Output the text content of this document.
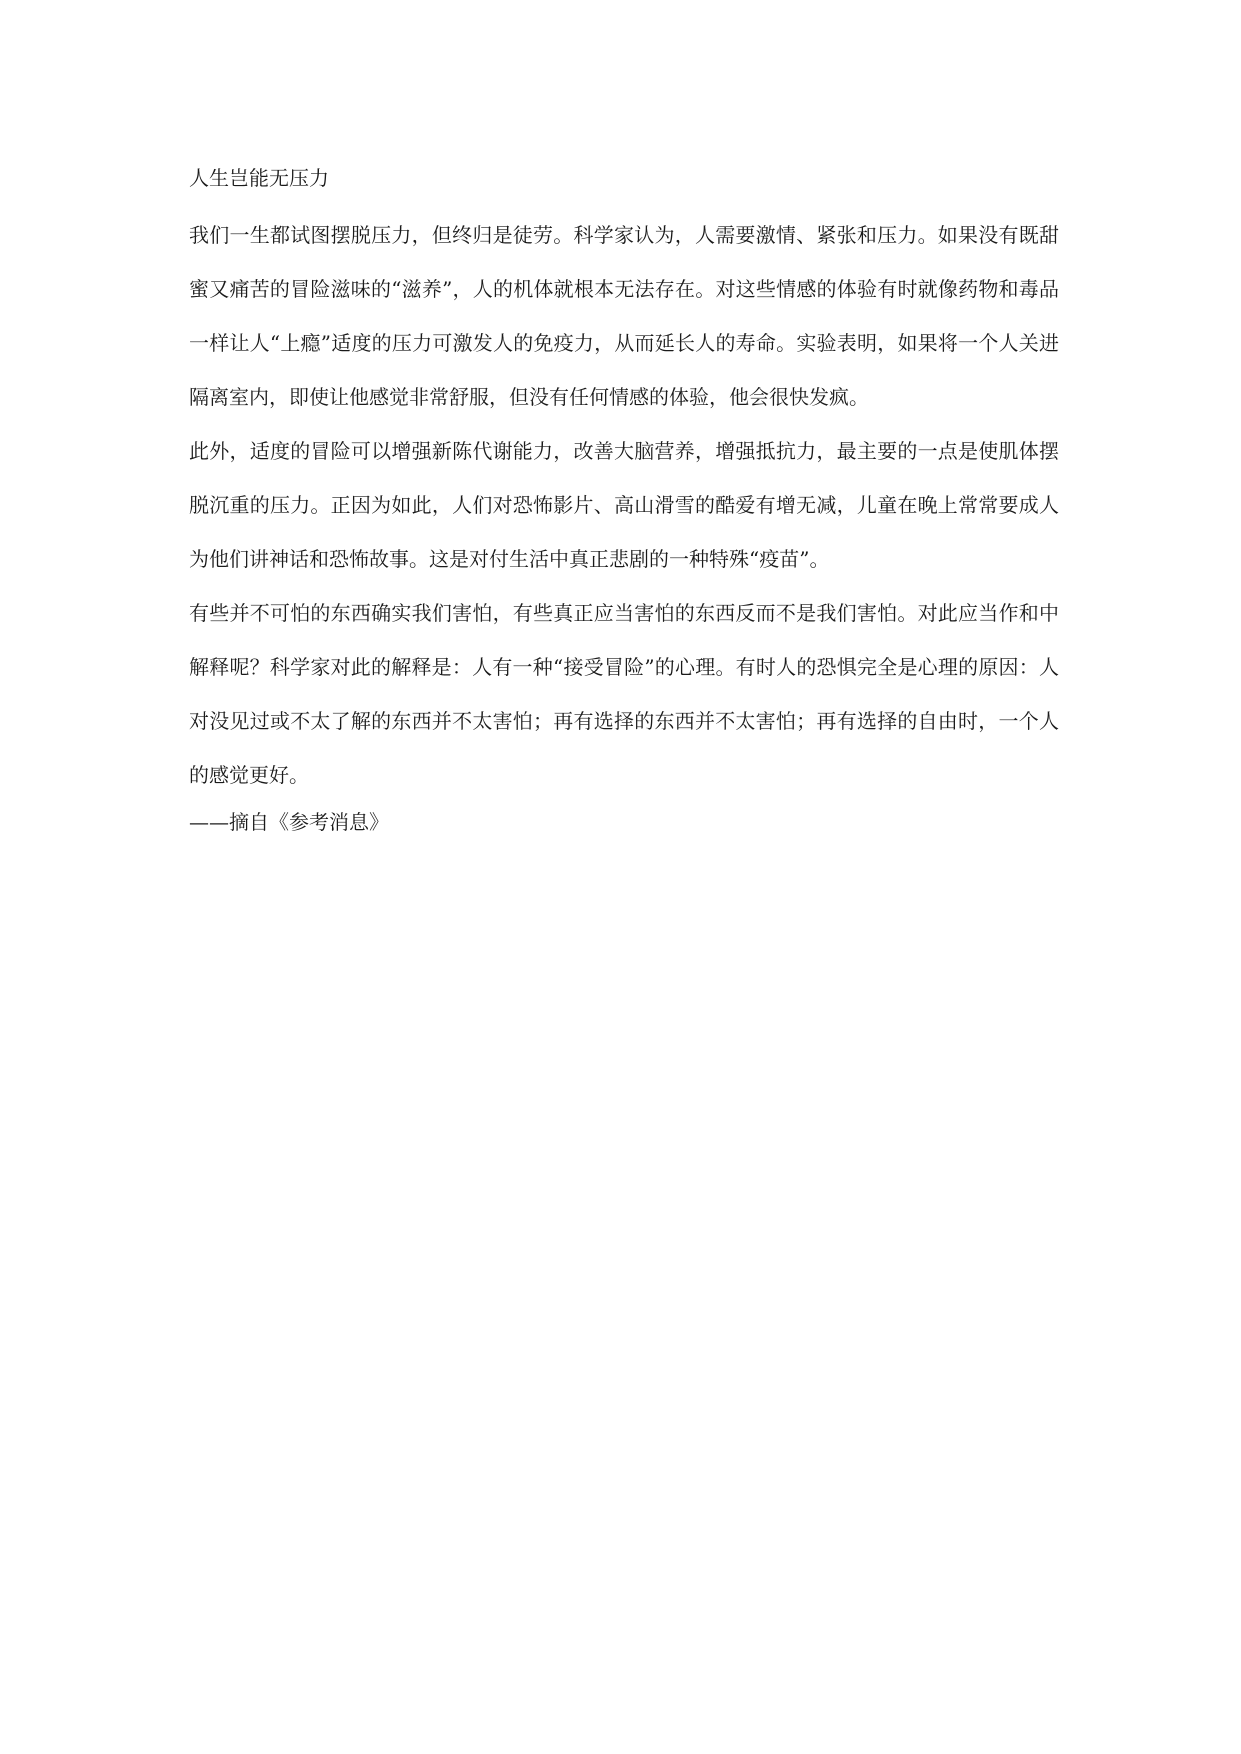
人生岂能无压力

我们一生都试图摆脱压力，但终归是徒劳。科学家认为，人需要激情、紧张和压力。如果没有既甜蜜又痛苦的冒险滋味的“滋养”，人的机体就根本无法存在。对这些情感的体验有时就像药物和毒品一样让人“上瘾”适度的压力可激发人的免疫力，从而延长人的寿命。实验表明，如果将一个人关进隔离室内，即使让他感觉非常舒服，但没有任何情感的体验，他会很快发疯。

此外，适度的冒险可以增强新陈代谢能力，改善大脑营养，增强抵抗力，最主要的一点是使肌体摆脱沉重的压力。正因为如此，人们对恐怖影片、高山滑雪的酷爱有增无减，儿童在晚上常常要成人为他们讲神话和恐怖故事。这是对付生活中真正悲剧的一种特殊“疫苗”。

有些并不可怕的东西确实我们害怕，有些真正应当害怕的东西反而不是我们害怕。对此应当作和中解释呢？科学家对此的解释是：人有一种“接受冒险”的心理。有时人的恐惧完全是心理的原因：人对没见过或不太了解的东西并不太害怕；再有选择的东西并不太害怕；再有选择的自由时，一个人的感觉更好。

——摘自《参考消息》
